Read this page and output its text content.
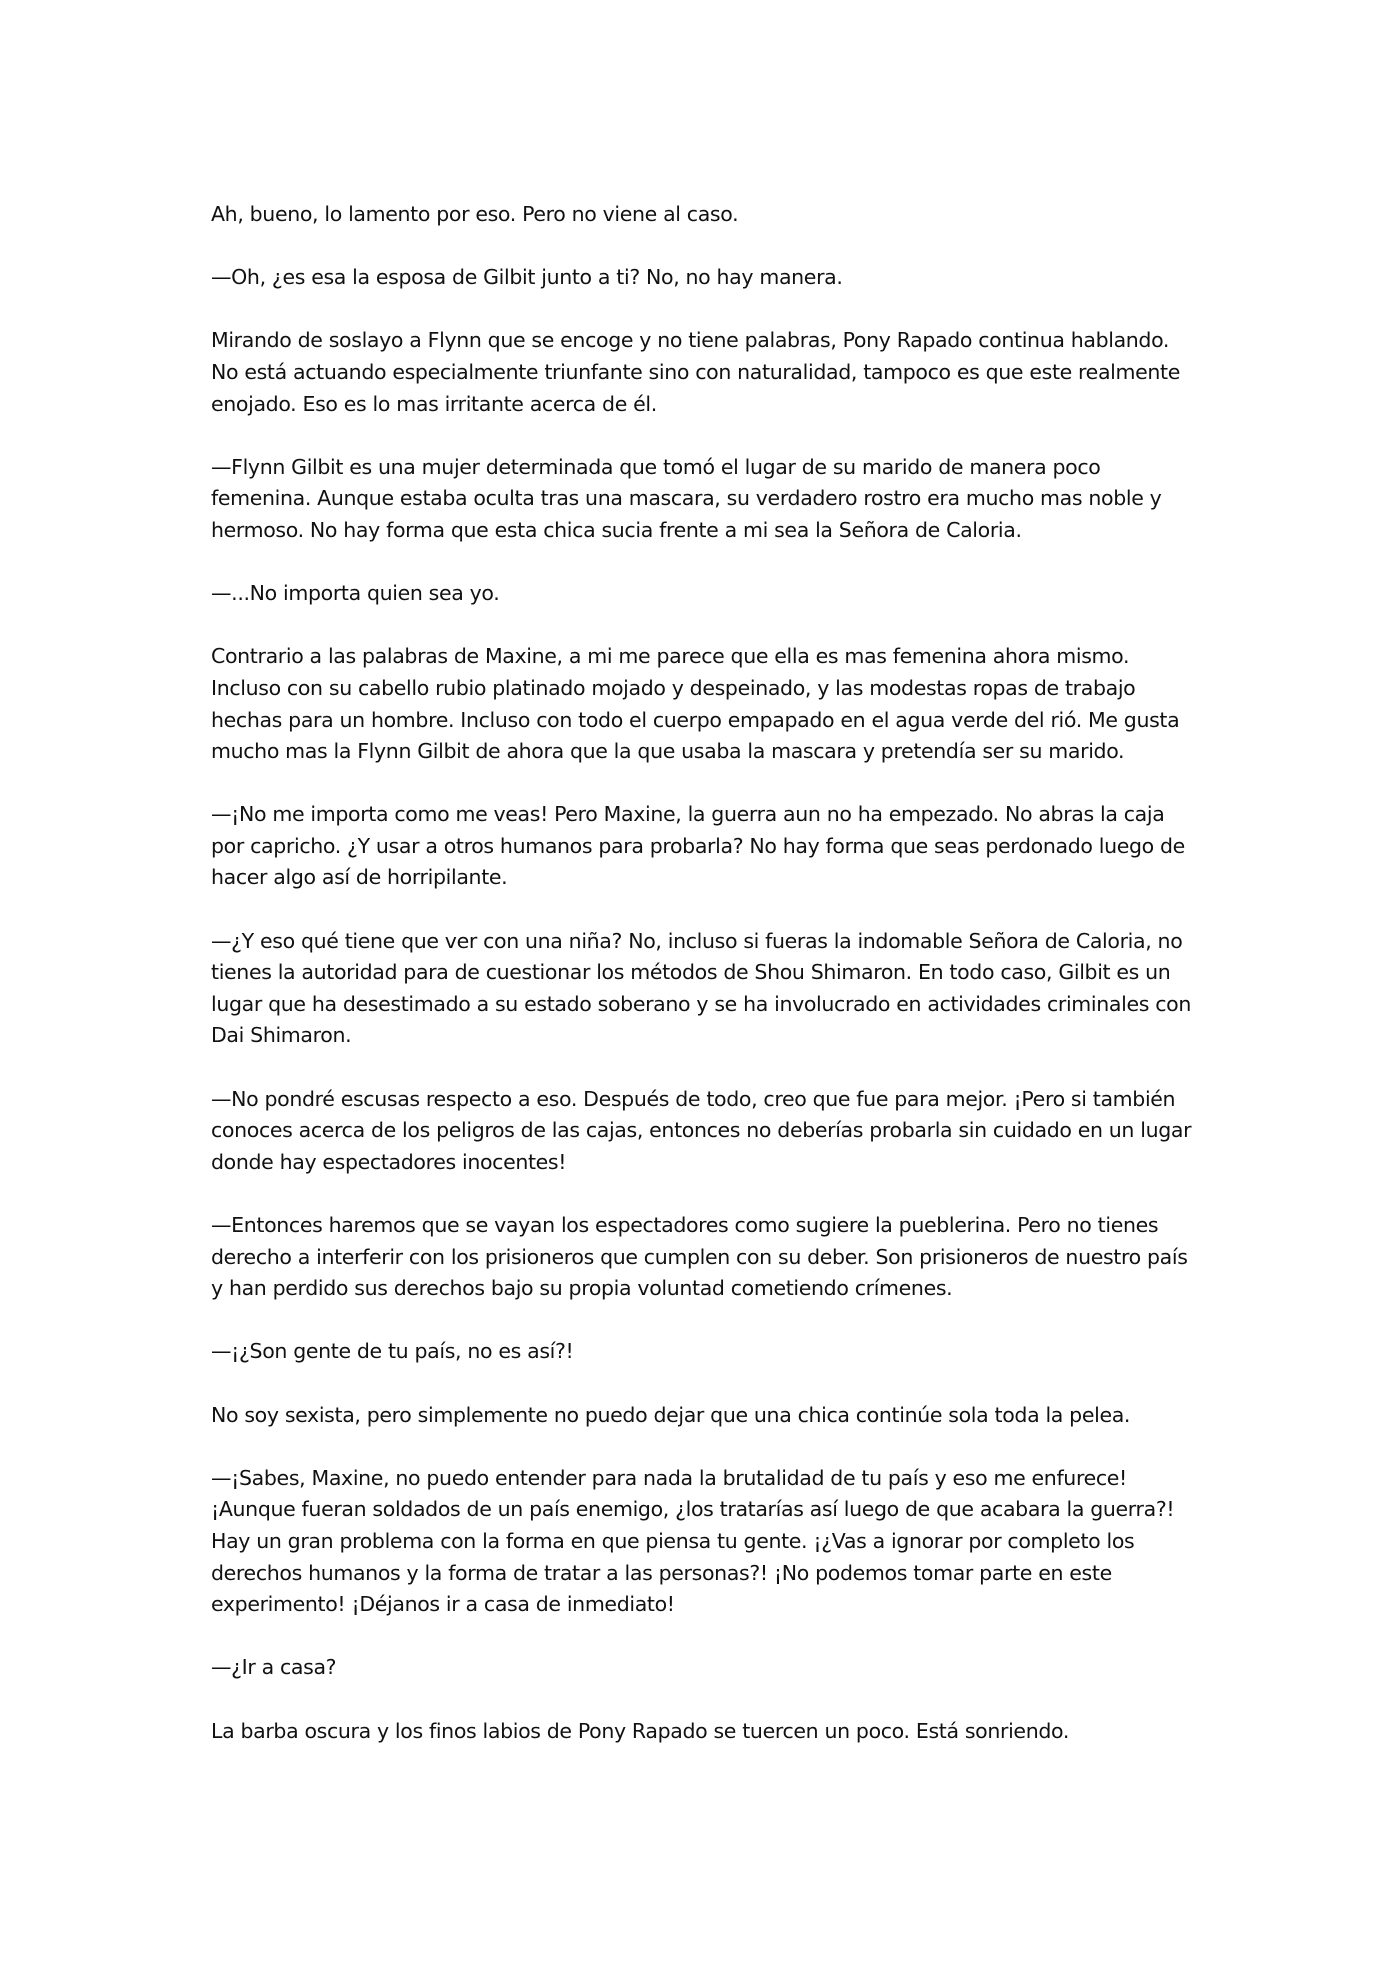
Ah, bueno, lo lamento por eso. Pero no viene al caso.

—Oh, ¿es esa la esposa de Gilbit junto a ti? No, no hay manera.

Mirando de soslayo a Flynn que se encoge y no tiene palabras, Pony Rapado continua hablando. No está actuando especialmente triunfante sino con naturalidad, tampoco es que este realmente enojado. Eso es lo mas irritante acerca de él.

—Flynn Gilbit es una mujer determinada que tomó el lugar de su marido de manera poco femenina. Aunque estaba oculta tras una mascara, su verdadero rostro era mucho mas noble y hermoso. No hay forma que esta chica sucia frente a mi sea la Señora de Caloria.

—...No importa quien sea yo.

Contrario a las palabras de Maxine, a mi me parece que ella es mas femenina ahora mismo. Incluso con su cabello rubio platinado mojado y despeinado, y las modestas ropas de trabajo hechas para un hombre. Incluso con todo el cuerpo empapado en el agua verde del rió. Me gusta mucho mas la Flynn Gilbit de ahora que la que usaba la mascara y pretendía ser su marido.

—¡No me importa como me veas! Pero Maxine, la guerra aun no ha empezado. No abras la caja por capricho. ¿Y usar a otros humanos para probarla? No hay forma que seas perdonado luego de hacer algo así de horripilante.

—¿Y eso qué tiene que ver con una niña? No, incluso si fueras la indomable Señora de Caloria, no tienes la autoridad para de cuestionar los métodos de Shou Shimaron. En todo caso, Gilbit es un lugar que ha desestimado a su estado soberano y se ha involucrado en actividades criminales con Dai Shimaron.

—No pondré escusas respecto a eso. Después de todo, creo que fue para mejor. ¡Pero si también conoces acerca de los peligros de las cajas, entonces no deberías probarla sin cuidado en un lugar donde hay espectadores inocentes!

—Entonces haremos que se vayan los espectadores como sugiere la pueblerina. Pero no tienes derecho a interferir con los prisioneros que cumplen con su deber. Son prisioneros de nuestro país y han perdido sus derechos bajo su propia voluntad cometiendo crímenes.

—¡¿Son gente de tu país, no es así?!

No soy sexista, pero simplemente no puedo dejar que una chica continúe sola toda la pelea.

—¡Sabes, Maxine, no puedo entender para nada la brutalidad de tu país y eso me enfurece! ¡Aunque fueran soldados de un país enemigo, ¿los tratarías así luego de que acabara la guerra?! Hay un gran problema con la forma en que piensa tu gente. ¡¿Vas a ignorar por completo los derechos humanos y la forma de tratar a las personas?! ¡No podemos tomar parte en este experimento! ¡Déjanos ir a casa de inmediato!

—¿Ir a casa?

La barba oscura y los finos labios de Pony Rapado se tuercen un poco. Está sonriendo.
